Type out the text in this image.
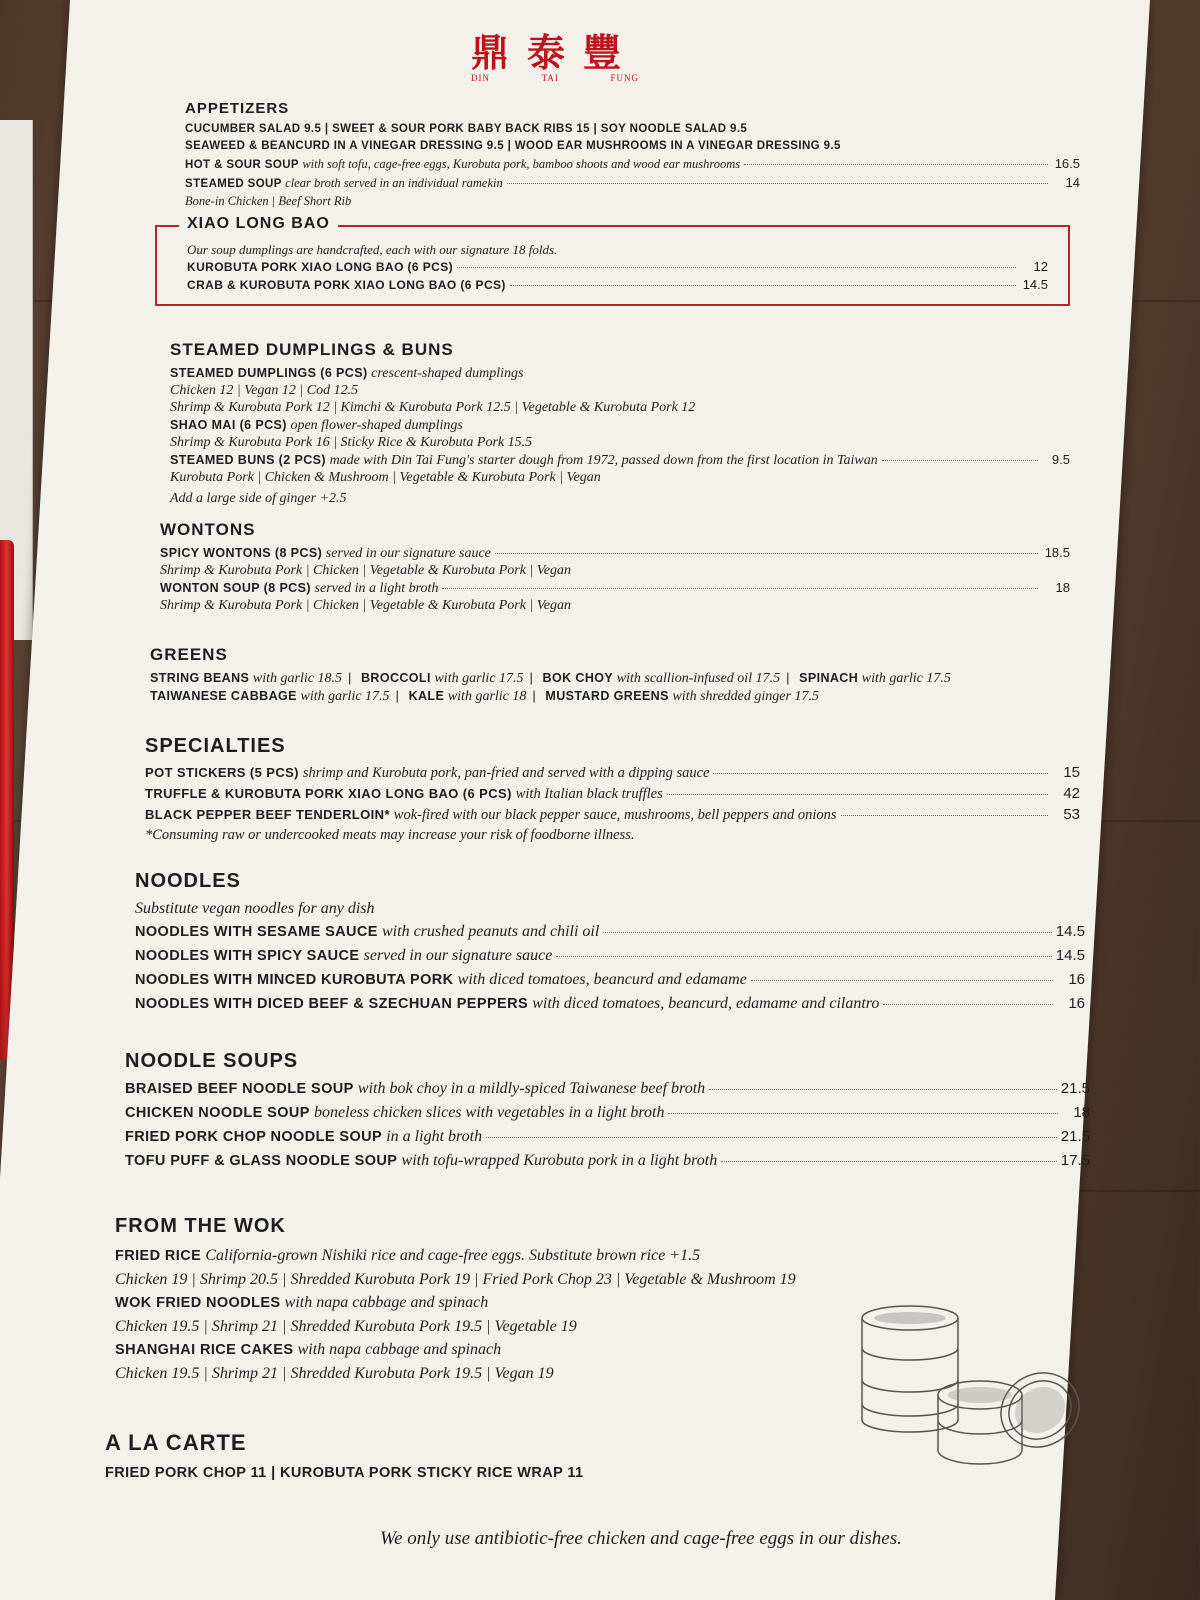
鼎泰豐
DIN	TAI	FUNG
APPETIZERS
CUCUMBER SALAD 9.5 | SWEET & SOUR PORK BABY BACK RIBS 15 | SOY NOODLE SALAD 9.5
SEAWEED & BEANCURD IN A VINEGAR DRESSING 9.5 | WOOD EAR MUSHROOMS IN A VINEGAR DRESSING 9.5
HOT & SOUR SOUP
with soft tofu, cage-free eggs, Kurobuta pork, bamboo shoots and wood ear mushrooms	16.5
STEAMED SOUP
clear broth served in an individual ramekin	14
Bone-in Chicken | Beef Short Rib
XIAO LONG BAO
Our soup dumplings are handcrafted, each with our signature 18 folds.
KUROBUTA PORK XIAO LONG BAO (6 PCS)	12
CRAB & KUROBUTA PORK XIAO LONG BAO (6 PCS)	14.5
STEAMED DUMPLINGS & BUNS
STEAMED DUMPLINGS (6 PCS) crescent-shaped dumplings
Chicken 12 | Vegan 12 | Cod 12.5
Shrimp & Kurobuta Pork 12 | Kimchi & Kurobuta Pork 12.5 | Vegetable & Kurobuta Pork 12
SHAO MAI (6 PCS) open flower-shaped dumplings
Shrimp & Kurobuta Pork 16 | Sticky Rice & Kurobuta Pork 15.5
STEAMED BUNS (2 PCS)
made with Din Tai Fung's starter dough from 1972, passed down from the first location in Taiwan	9.5
Kurobuta Pork | Chicken & Mushroom | Vegetable & Kurobuta Pork | Vegan
Add a large side of ginger +2.5
WONTONS
SPICY WONTONS (8 PCS)
served in our signature sauce	18.5
Shrimp & Kurobuta Pork | Chicken | Vegetable & Kurobuta Pork | Vegan
WONTON SOUP (8 PCS)
served in a light broth	18
Shrimp & Kurobuta Pork | Chicken | Vegetable & Kurobuta Pork | Vegan
GREENS
STRING BEANS with garlic 18.5 | BROCCOLI with garlic 17.5 | BOK CHOY with scallion-infused oil 17.5 | SPINACH with garlic 17.5
TAIWANESE CABBAGE with garlic 17.5 | KALE with garlic 18 | MUSTARD GREENS with shredded ginger 17.5
SPECIALTIES
POT STICKERS (5 PCS)
shrimp and Kurobuta pork, pan-fried and served with a dipping sauce	15
TRUFFLE & KUROBUTA PORK XIAO LONG BAO (6 PCS)
with Italian black truffles	42
BLACK PEPPER BEEF TENDERLOIN*
wok-fired with our black pepper sauce, mushrooms, bell peppers and onions	53
*Consuming raw or undercooked meats may increase your risk of foodborne illness.
NOODLES
Substitute vegan noodles for any dish
NOODLES WITH SESAME SAUCE
with crushed peanuts and chili oil	14.5
NOODLES WITH SPICY SAUCE
served in our signature sauce	14.5
NOODLES WITH MINCED KUROBUTA PORK
with diced tomatoes, beancurd and edamame	16
NOODLES WITH DICED BEEF & SZECHUAN PEPPERS
with diced tomatoes, beancurd, edamame and cilantro	16
NOODLE SOUPS
BRAISED BEEF NOODLE SOUP
with bok choy in a mildly-spiced Taiwanese beef broth	21.5
CHICKEN NOODLE SOUP
boneless chicken slices with vegetables in a light broth	18
FRIED PORK CHOP NOODLE SOUP
in a light broth	21.5
TOFU PUFF & GLASS NOODLE SOUP
with tofu-wrapped Kurobuta pork in a light broth	17.5
FROM THE WOK
FRIED RICE California-grown Nishiki rice and cage-free eggs. Substitute brown rice +1.5
Chicken 19 | Shrimp 20.5 | Shredded Kurobuta Pork 19 | Fried Pork Chop 23 | Vegetable & Mushroom 19
WOK FRIED NOODLES with napa cabbage and spinach
Chicken 19.5 | Shrimp 21 | Shredded Kurobuta Pork 19.5 | Vegetable 19
SHANGHAI RICE CAKES with napa cabbage and spinach
Chicken 19.5 | Shrimp 21 | Shredded Kurobuta Pork 19.5 | Vegan 19
A LA CARTE
FRIED PORK CHOP 11 | KUROBUTA PORK STICKY RICE WRAP 11
We only use antibiotic-free chicken and cage-free eggs in our dishes.
